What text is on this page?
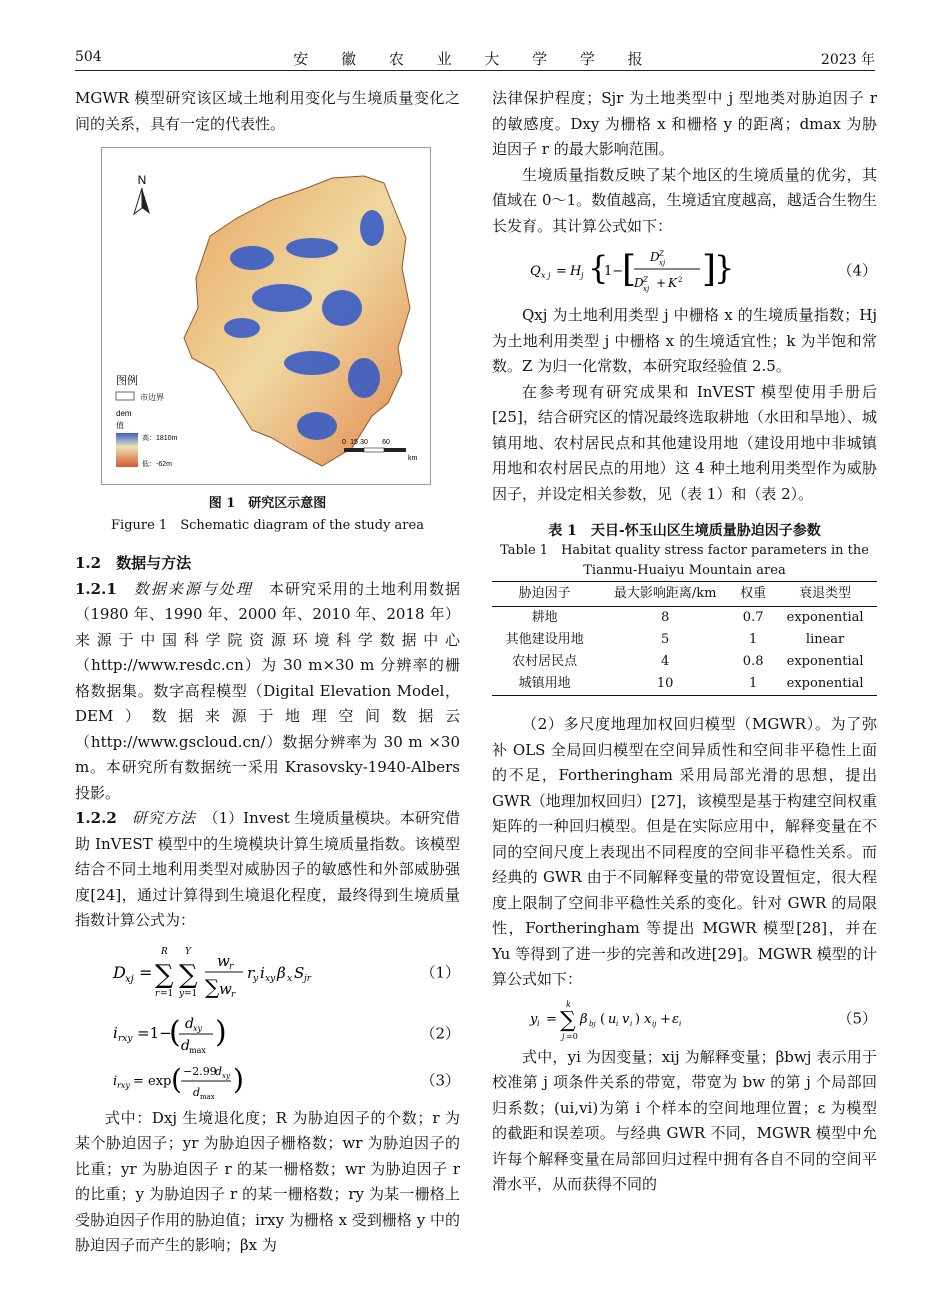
504	安 徽 农 业 大 学 学 报	2023 年

MGWR 模型研究该区域土地利用变化与生境质量变化之间的关系，具有一定的代表性。

N
图例
市边界
dem
值
高：1810m
低：-62m
0 15 30 60
km
图 1　研究区示意图
Figure 1　Schematic diagram of the study area

1.2　数据与方法

1.2.1　 数据来源与处理　 本研究采用的土地利用数据（1980 年、1990 年、2000 年、2010 年、2018 年）来源于中国科学院资源环境科学数据中心（http://www.resdc.cn）为 30 m×30 m 分辨率的栅格数据集。数字高程模型（Digital Elevation Model，DEM）数据来源于地理空间数据云（http://www.gscloud.cn/）数据分辨率为 30 m ×30 m。本研究所有数据统一采用 Krasovsky-1940-Albers 投影。

1.2.2　 研究方法　 （1）Invest 生境质量模块。本研究借助 InVEST 模型中的生境模块计算生境质量指数。该模型结合不同土地利用类型对威胁因子的敏感性和外部威胁强度[24]，通过计算得到生境退化程度，最终得到生境质量指数计算公式为：

D xj = ∑
R
r =1
∑
Y
y =1
w r
∑ w r
r
y i xy β x S jr	（1）
i rxy =1−
( d xy
d max
)	（2）
i rxy = exp ( −2.99
d xy
d max
)	（3）

式中：Dxj 生境退化度；R 为胁迫因子的个数；r 为某个胁迫因子；yr 为胁迫因子栅格数；wr 为胁迫因子的比重；yr 为胁迫因子 r 的某一栅格数；wr 为胁迫因子 r 的比重；y 为胁迫因子 r 的某一栅格数；ry 为某一栅格上受胁迫因子作用的胁迫值；irxy 为栅格 x 受到栅格 y 中的胁迫因子而产生的影响；βx 为

法律保护程度；Sjr 为土地类型中 j 型地类对胁迫因子 r 的敏感度。Dxy 为栅格 x 和栅格 y 的距离；dmax 为胁迫因子 r 的最大影响范围。

生境质量指数反映了某个地区的生境质量的优劣，其值域在 0～1。数值越高，生境适宜度越高，越适合生物生长发育。其计算公式如下：

Q x j = H j {
1−
[ D Z
xj
D Z
xj + K 2 ]
}	（4）

Qxj 为土地利用类型 j 中栅格 x 的生境质量指数；Hj 为土地利用类型 j 中栅格 x 的生境适宜性；k 为半饱和常数。Z 为归一化常数，本研究取经验值 2.5。

在参考现有研究成果和 InVEST 模型使用手册后[25]，结合研究区的情况最终选取耕地（水田和旱地）、城镇用地、农村居民点和其他建设用地（建设用地中非城镇用地和农村居民点的用地）这 4 种土地利用类型作为威胁因子，并设定相关参数，见（表 1）和（表 2）。

表 1　天目-怀玉山区生境质量胁迫因子参数
Table 1　Habitat quality stress factor parameters in the Tianmu-Huaiyu Mountain area
胁迫因子	最大影响距离/km	权重	衰退类型
耕地	8	0.7	exponential
其他建设用地	5	1	linear
农村居民点	4	0.8	exponential
城镇用地	10	1	exponential

（2）多尺度地理加权回归模型（MGWR）。为了弥补 OLS 全局回归模型在空间异质性和空间非平稳性上面的不足，Fortheringham 采用局部光滑的思想，提出 GWR（地理加权回归）[27]，该模型是基于构建空间权重矩阵的一种回归模型。但是在实际应用中，解释变量在不同的空间尺度上表现出不同程度的空间非平稳性关系。而经典的 GWR 由于不同解释变量的带宽设置恒定，很大程度上限制了空间非平稳性关系的变化。针对 GWR 的局限性，Fortheringham 等提出 MGWR 模型[28]，并在 Yu 等得到了进一步的完善和改进[29]。MGWR 模型的计算公式如下：

y i = ∑
k
j =0
β bj ( u i v i ) x ij + ε i	（5）

式中，yi 为因变量；xij 为解释变量；βbwj 表示用于校准第 j 项条件关系的带宽，带宽为 bw 的第 j 个局部回归系数；(ui,vi)为第 i 个样本的空间地理位置；ε 为模型的截距和误差项。与经典 GWR 不同，MGWR 模型中允许每个解释变量在局部回归过程中拥有各自不同的空间平滑水平，从而获得不同的
